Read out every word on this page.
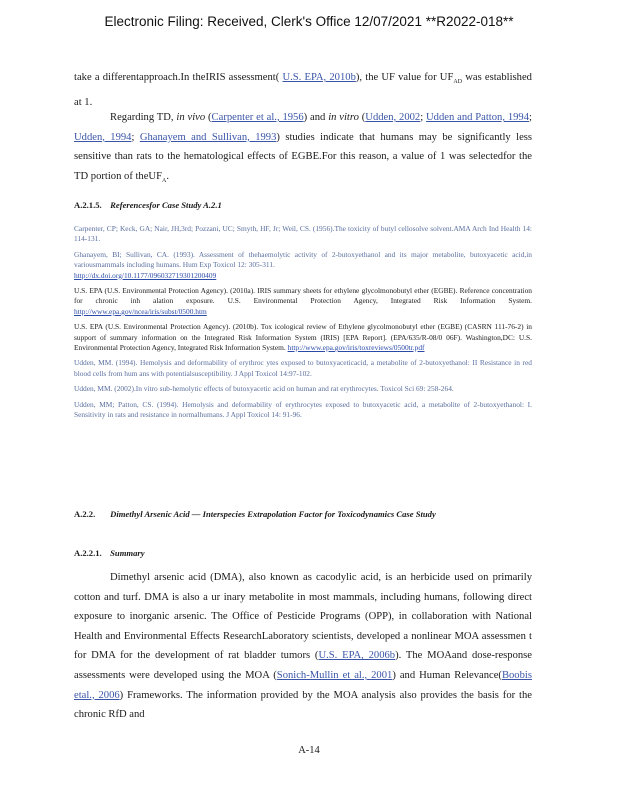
Electronic Filing: Received, Clerk's Office 12/07/2021 **R2022-018**
take a differentapproach.In theIRIS assessment( U.S. EPA, 2010b), the UF value for $UF_{AD}$ was established at 1.
Regarding TD, in vivo (Carpenter et al., 1956) and in vitro (Udden, 2002; Udden and Patton, 1994; Udden, 1994; Ghanayem and Sullivan, 1993) studies indicate that humans may be significantly less sensitive than rats to the hematological effects of EGBE.For this reason, a value of 1 was selectedfor the TD portion of theUF$_A$.
A.2.1.5. Referencesfor Case Study A.2.1
Carpenter, CP; Keck, GA; Nair, JH,3rd; Pozzani, UC; Smyth, HF, Jr; Weil, CS. (1956).The toxicity of butyl cellosolve solvent.AMA Arch Ind Health 14: 114-131.
Ghanayem, BI; Sullivan, CA. (1993). Assessment of thehaemolytic activity of 2-butoxyethanol and its major metabolite, butoxyacetic acid,in variousmammals including humans. Hum Exp Toxicol 12: 305-311.
http://dx.doi.org/10.1177/096032719301200409
U.S. EPA (U.S. Environmental Protection Agency). (2010a). IRIS summary sheets for ethylene glycolmonobutyl ether (EGBE). Reference concentration for chronic inh alation exposure. U.S. Environmental Protection Agency, Integrated Risk Information System. http://www.epa.gov/ncea/iris/subst/0500.htm
U.S. EPA (U.S. Environmental Protection Agency). (2010b). Tox icological review of Ethylene glycolmonobutyl ether (EGBE) (CASRN 111-76-2) in support of summary information on the Integrated Risk Information System (IRIS) [EPA Report]. (EPA/635/R-08/0 06F). Washington,DC: U.S. Environmental Protection Agency, Integrated Risk Information System. http://www.epa.gov/iris/toxreviews/0500tr.pdf
Udden, MM. (1994). Hemolysis and deformability of erythroc ytes exposed to butoxyaceticacid, a metabolite of 2-butoxyethanol: II Resistance in red blood cells from hum ans with potentialsusceptibility. J Appl Toxicol 14:97-102.
Udden, MM. (2002).In vitro sub-hemolytic effects of butoxyacetic acid on human and rat erythrocytes. Toxicol Sci 69: 258-264.
Udden, MM; Patton, CS. (1994). Hemolysis and deformability of erythrocytes exposed to butoxyacetic acid, a metabolite of 2-butoxyethanol: I. Sensitivity in rats and resistance in normalhumans. J Appl Toxicol 14: 91-96.
A.2.2. Dimethyl Arsenic Acid — Interspecies Extrapolation Factor for Toxicodynamics Case Study
A.2.2.1. Summary
Dimethyl arsenic acid (DMA), also known as cacodylic acid, is an herbicide used on primarily cotton and turf. DMA is also a ur inary metabolite in most mammals, including humans, following direct exposure to inorganic arsenic. The Office of Pesticide Programs (OPP), in collaboration with National Health and Environmental Effects ResearchLaboratory scientists, developed a nonlinear MOA assessmen t for DMA for the development of rat bladder tumors (U.S. EPA, 2006b). The MOAand dose-response assessments were developed using the MOA (Sonich-Mullin et al., 2001) and Human Relevance(Boobis etal., 2006) Frameworks. The information provided by the MOA analysis also provides the basis for the chronic RfD and
A-14
